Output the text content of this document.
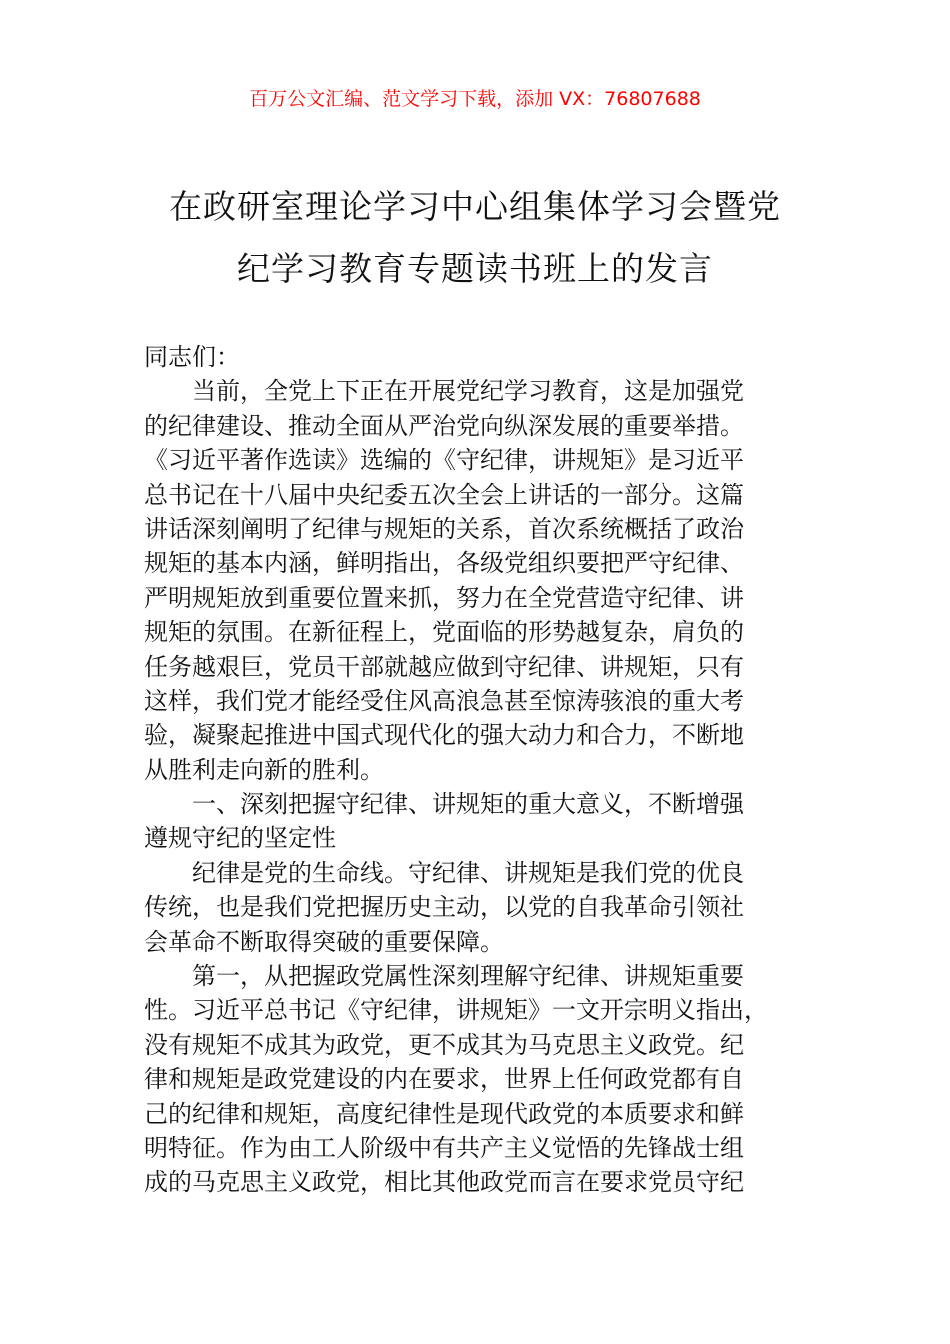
百万公文汇编、范文学习下载，添加 VX：76807688
在政研室理论学习中心组集体学习会暨党
纪学习教育专题读书班上的发言
同志们：
当前，全党上下正在开展党纪学习教育，这是加强党
的纪律建设、推动全面从严治党向纵深发展的重要举措。
《习近平著作选读》选编的《守纪律，讲规矩》是习近平
总书记在十八届中央纪委五次全会上讲话的一部分。这篇
讲话深刻阐明了纪律与规矩的关系，首次系统概括了政治
规矩的基本内涵，鲜明指出，各级党组织要把严守纪律、
严明规矩放到重要位置来抓，努力在全党营造守纪律、讲
规矩的氛围。在新征程上，党面临的形势越复杂，肩负的
任务越艰巨，党员干部就越应做到守纪律、讲规矩，只有
这样，我们党才能经受住风高浪急甚至惊涛骇浪的重大考
验，凝聚起推进中国式现代化的强大动力和合力，不断地
从胜利走向新的胜利。
一、深刻把握守纪律、讲规矩的重大意义，不断增强
遵规守纪的坚定性
纪律是党的生命线。守纪律、讲规矩是我们党的优良
传统，也是我们党把握历史主动，以党的自我革命引领社
会革命不断取得突破的重要保障。
第一，从把握政党属性深刻理解守纪律、讲规矩重要
性。习近平总书记《守纪律，讲规矩》一文开宗明义指出，
没有规矩不成其为政党，更不成其为马克思主义政党。纪
律和规矩是政党建设的内在要求，世界上任何政党都有自
己的纪律和规矩，高度纪律性是现代政党的本质要求和鲜
明特征。作为由工人阶级中有共产主义觉悟的先锋战士组
成的马克思主义政党，相比其他政党而言在要求党员守纪
